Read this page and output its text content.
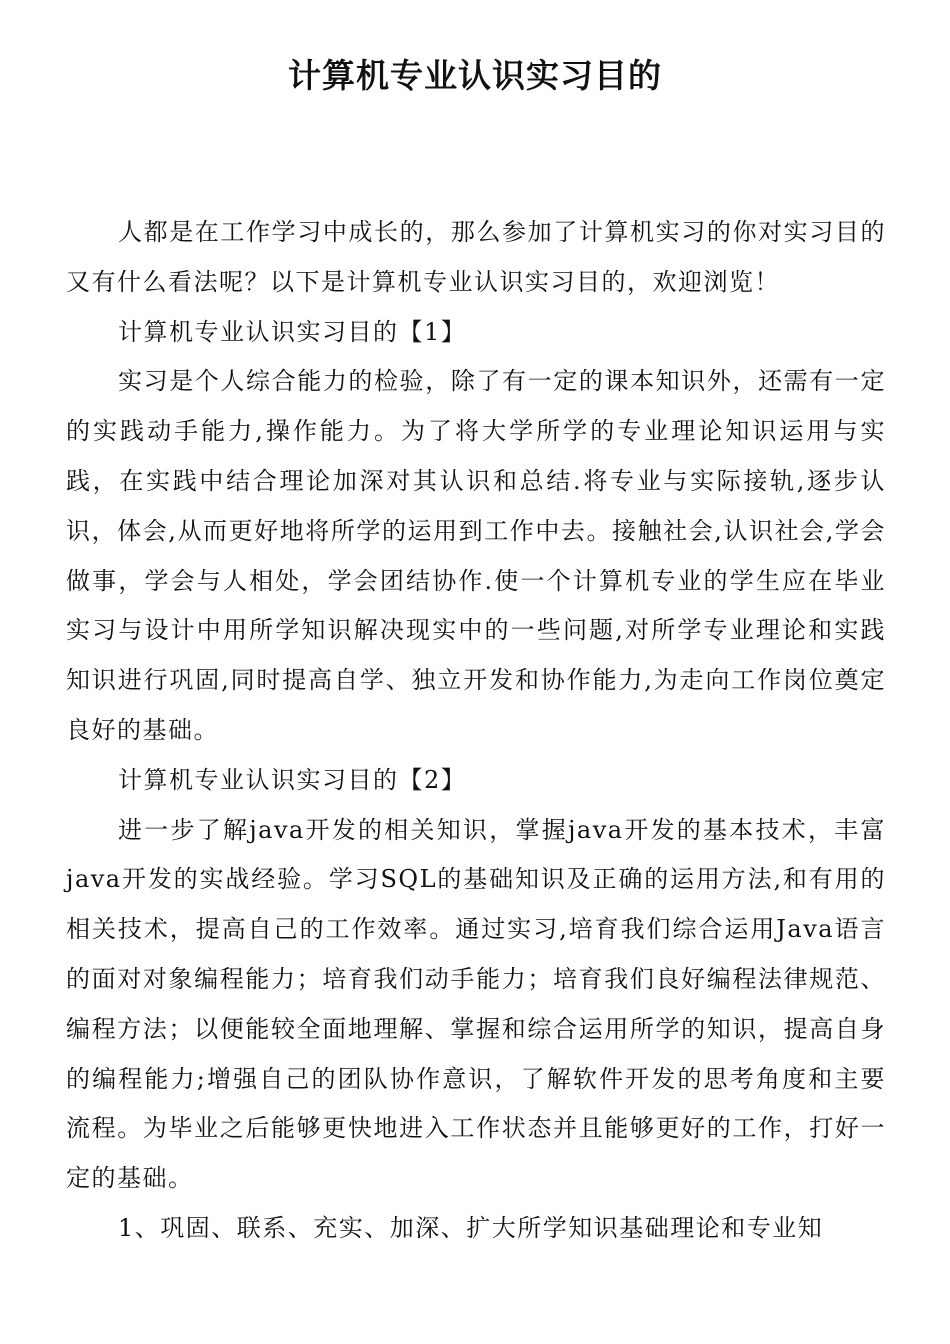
计算机专业认识实习目的

人都是在工作学习中成长的，那么参加了计算机实习的你对实习目的又有什么看法呢？以下是计算机专业认识实习目的，欢迎浏览！

计算机专业认识实习目的【1】

实习是个人综合能力的检验，除了有一定的课本知识外，还需有一定的实践动手能力,操作能力。为了将大学所学的专业理论知识运用与实践，在实践中结合理论加深对其认识和总结.将专业与实际接轨,逐步认识，体会,从而更好地将所学的运用到工作中去。接触社会,认识社会,学会做事，学会与人相处，学会团结协作.使一个计算机专业的学生应在毕业实习与设计中用所学知识解决现实中的一些问题,对所学专业理论和实践知识进行巩固,同时提高自学、独立开发和协作能力,为走向工作岗位奠定良好的基础。

计算机专业认识实习目的【2】

进一步了解java开发的相关知识，掌握java开发的基本技术，丰富java开发的实战经验。学习SQL的基础知识及正确的运用方法,和有用的相关技术，提高自己的工作效率。通过实习,培育我们综合运用Java语言的面对对象编程能力；培育我们动手能力；培育我们良好编程法律规范、编程方法；以便能较全面地理解、掌握和综合运用所学的知识，提高自身的编程能力;增强自己的团队协作意识，了解软件开发的思考角度和主要流程。为毕业之后能够更快地进入工作状态并且能够更好的工作，打好一定的基础。

1、巩固、联系、充实、加深、扩大所学知识基础理论和专业知
